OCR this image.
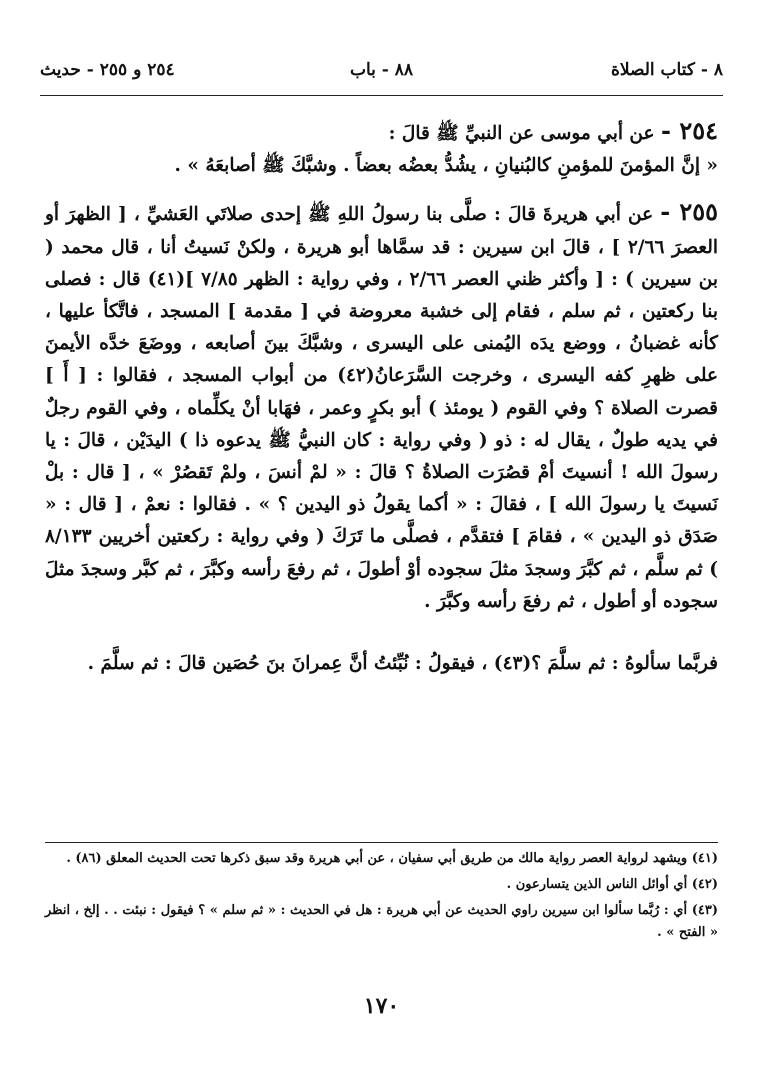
٨ - كتاب الصلاة
٨٨ - باب
٢٥٤ و ٢٥٥ - حديث

٢٥٤ - عن أبي موسى عن النبيِّ ﷺ قالَ :

« إنَّ المؤمنَ للمؤمنِ كالبُنيانِ ، يشُدُّ بعضُه بعضاً . وشبَّكَ ﷺ أصابعَهُ » .

٢٥٥ - عن أبي هريرةَ قالَ : صلَّى بنا رسولُ اللهِ ﷺ إحدى صلاتَي العَشيِّ ، [ الظهرَ أو العصرَ ٢/٦٦ ] ، قالَ ابن سيرين : قد سمَّاها أبو هريرة ، ولكنْ نَسيتُ أنا ، قال محمد ( بن سيرين ) : [ وأكثر ظني العصر ٢/٦٦ ، وفي رواية : الظهر ٧/٨٥ ](٤١) قال : فصلى بنا ركعتين ، ثم سلم ، فقام إلى خشبة معروضة في [ مقدمة ] المسجد ، فاتَّكأ عليها ، كأنه غضبانُ ، ووضع يدَه اليُمنى على اليسرى ، وشبَّكَ بينَ أصابعه ، ووضَعَ خدَّه الأيمنَ على ظهرِ كفه اليسرى ، وخرجت السَّرَعانُ(٤٢) من أبواب المسجد ، فقالوا : [ أَ ] قصرت الصلاة ؟ وفي القوم ( يومئذ ) أبو بكرٍ وعمر ، فهَابا أنْ يكلِّماه ، وفي القوم رجلٌ في يديه طولٌ ، يقال له : ذو ( وفي رواية : كان النبيُّ ﷺ يدعوه ذا ) اليدَيْن ، قالَ : يا رسولَ الله ! أنسيتَ أمْ قصُرَت الصلاةُ ؟ قالَ : « لمْ أنسَ ، ولمْ تَقصُرْ » ، [ قال : بلْ نَسيتَ يا رسولَ الله ] ، فقالَ : « أكما يقولُ ذو اليدين ؟ » . فقالوا : نعمْ ، [ قال : « صَدَق ذو اليدين » ، فقامَ ] فتقدَّم ، فصلَّى ما تَرَكَ ( وفي رواية : ركعتين أخريين ٨/١٣٣ ) ثم سلَّم ، ثم كبَّرَ وسجدَ مثلَ سجوده أوْ أطولَ ، ثم رفعَ رأسه وكبَّرَ ، ثم كبَّر وسجدَ مثلَ سجوده أو أطول ، ثم رفعَ رأسه وكبَّرَ .

فربَّما سألوهُ : ثم سلَّمَ ؟(٤٣) ، فيقولُ : نُبِّئتُ أنَّ عِمرانَ بنَ حُصَين قالَ : ثم سلَّمَ .

(٤١) ويشهد لرواية العصر رواية مالك من طريق أبي سفيان ، عن أبي هريرة وقد سبق ذكرها تحت الحديث المعلق (٨٦) .

(٤٢) أي أوائل الناس الذين يتسارعون .

(٤٣) أي : رُبَّما سألوا ابن سيرين راوي الحديث عن أبي هريرة : هل في الحديث : « ثم سلم » ؟ فيقول : نبئت . . إلخ ، انظر « الفتح » .

١٧٠
